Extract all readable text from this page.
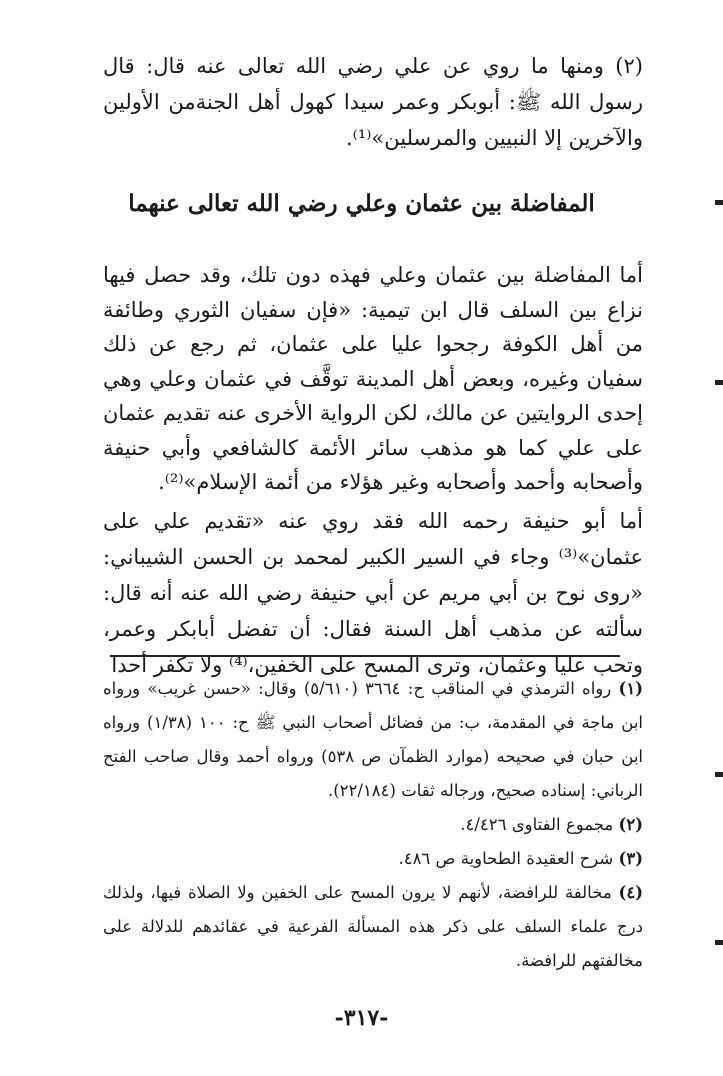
(٢) ومنها ما روي عن علي رضي الله تعالى عنه قال: قال رسول الله ﷺ: أبوبكر وعمر سيدا كهول أهل الجنةمن الأولين والآخرين إلا النبيين والمرسلين»⁽¹⁾.
المفاضلة بين عثمان وعلي رضي الله تعالى عنهما
أما المفاضلة بين عثمان وعلي فهذه دون تلك، وقد حصل فيها نزاع بين السلف قال ابن تيمية: «فإن سفيان الثوري وطائفة من أهل الكوفة رجحوا عليا على عثمان، ثم رجع عن ذلك سفيان وغيره، وبعض أهل المدينة توقَّف في عثمان وعلي وهي إحدى الروايتين عن مالك، لكن الرواية الأخرى عنه تقديم عثمان على علي كما هو مذهب سائر الأئمة كالشافعي وأبي حنيفة وأصحابه وأحمد وأصحابه وغير هؤلاء من أئمة الإسلام»⁽²⁾.
أما أبو حنيفة رحمه الله فقد روي عنه «تقديم علي على عثمان»⁽³⁾ وجاء في السير الكبير لمحمد بن الحسن الشيباني: «روى نوح بن أبي مريم عن أبي حنيفة رضي الله عنه أنه قال: سألته عن مذهب أهل السنة فقال: أن تفضل أبابكر وعمر، وتحب عليا وعثمان، وترى المسح على الخفين،⁽⁴⁾ ولا تكفر أحدا
(١) رواه الترمذي في المناقب ح: ٣٦٦٤ (٥/٦١٠) وقال: «حسن غريب» ورواه ابن ماجة في المقدمة، ب: من فضائل أصحاب النبي ﷺ ح: ١٠٠ (١/٣٨) ورواه ابن حبان في صحيحه (موارد الظمآن ص ٥٣٨) ورواه أحمد وقال صاحب الفتح الرباني: إسناده صحيح، ورجاله ثقات (٢٢/١٨٤).
(٢) مجموع الفتاوى ٤/٤٢٦.
(٣) شرح العقيدة الطحاوية ص ٤٨٦.
(٤) مخالفة للرافضة، لأنهم لا يرون المسح على الخفين ولا الصلاة فيها، ولذلك درج علماء السلف على ذكر هذه المسألة الفرعية في عقائدهم للدلالة على مخالفتهم للرافضة.
-٣١٧-
